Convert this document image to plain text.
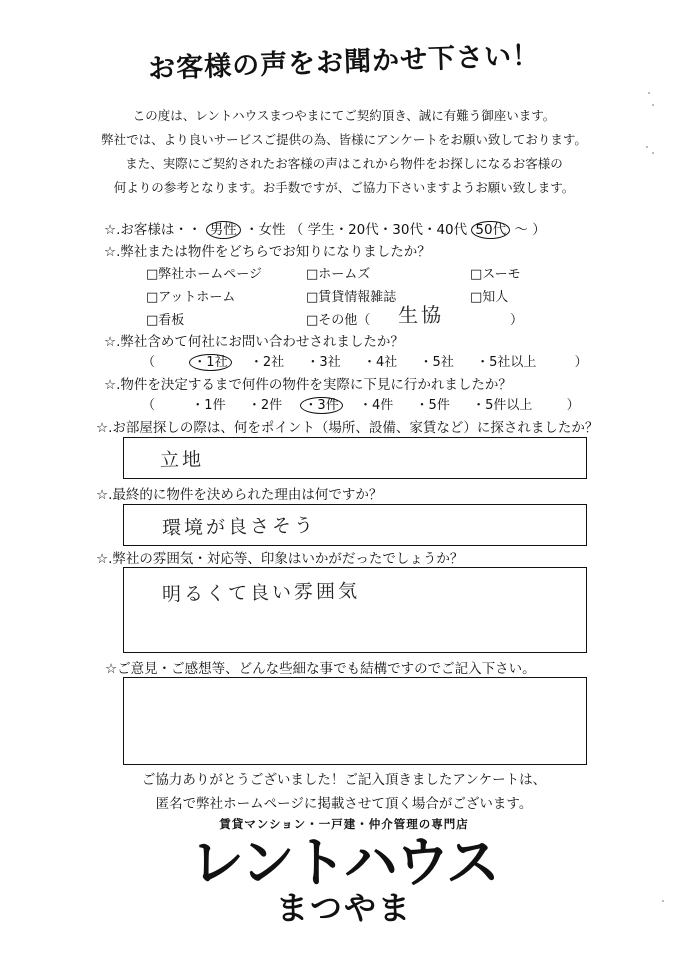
お客様の声をお聞かせ下さい！
この度は、レントハウスまつやまにてご契約頂き、誠に有難う御座います。
弊社では、より良いサービスご提供の為、皆様にアンケートをお願い致しております。
また、実際にご契約されたお客様の声はこれから物件をお探しになるお客様の
何よりの参考となります。お手数ですが、ご協力下さいますようお願い致します。
☆.お客様は・・ 男性 ・女性 （ 学生・20代・30代・40代 50代 ～ ）
☆.弊社または物件をどちらでお知りになりましたか？
□弊社ホームページ	□ホームズ	□スーモ
□アットホーム	□賃貸情報雑誌	□知人
□看板	□その他（ 生協	）
☆.弊社含めて何社にお問い合わせされましたか？
（	・1社 ・2社 ・3社 ・4社 ・5社 ・5社以上	）
☆.物件を決定するまで何件の物件を実際に下見に行かれましたか？
（	・1件 ・2件 ・3件 ・4件 ・5件 ・5件以上	）
☆.お部屋探しの際は、何をポイント（場所、設備、家賃など）に探されましたか？
立地
☆.最終的に物件を決められた理由は何ですか？
環境が良さそう
☆.弊社の雰囲気・対応等、印象はいかがだったでしょうか？
明るくて良い雰囲気
☆ご意見・ご感想等、どんな些細な事でも結構ですのでご記入下さい。
ご協力ありがとうございました！ご記入頂きましたアンケートは、
匿名で弊社ホームページに掲載させて頂く場合がございます。
賃貸マンション・一戸建・仲介管理の専門店
レントハウス
まつやま
